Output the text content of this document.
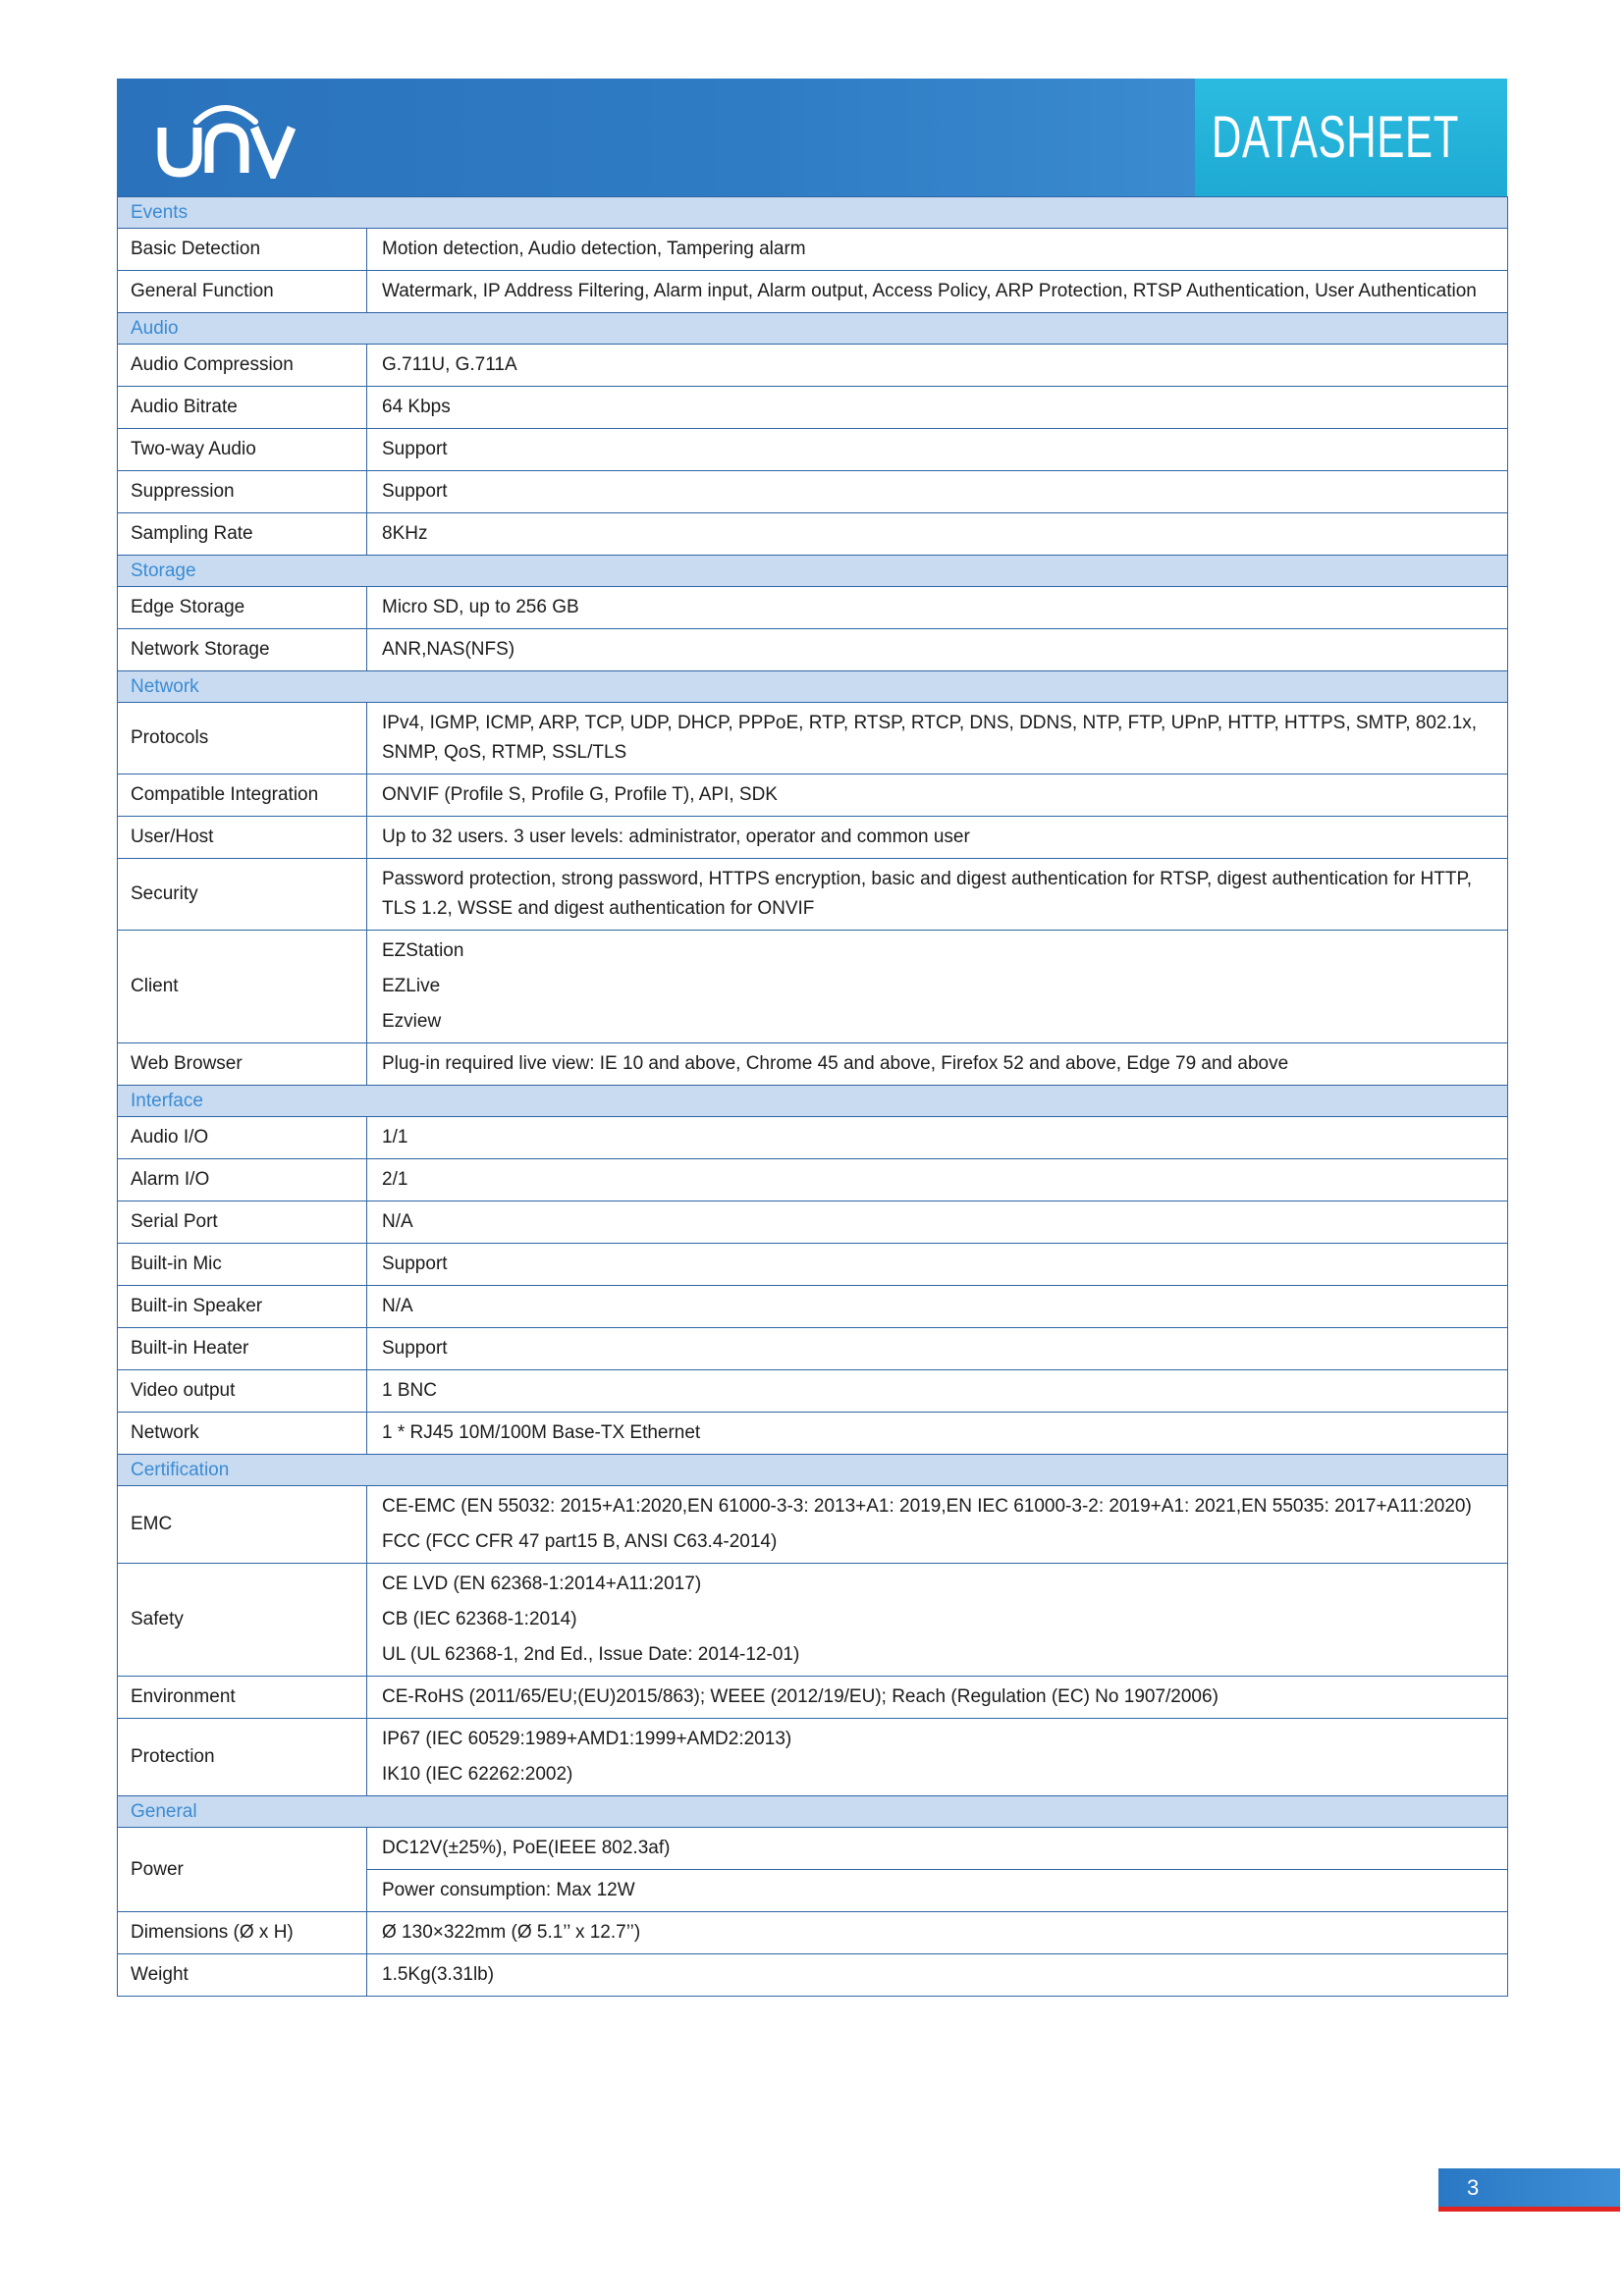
DATASHEET
Events	
Basic Detection	Motion detection, Audio detection, Tampering alarm
General Function	Watermark, IP Address Filtering, Alarm input, Alarm output, Access Policy, ARP Protection, RTSP Authentication, User Authentication
Audio	
Audio Compression	G.711U, G.711A
Audio Bitrate	64 Kbps
Two-way Audio	Support
Suppression	Support
Sampling Rate	8KHz
Storage	
Edge Storage	Micro SD, up to 256 GB
Network Storage	ANR,NAS(NFS)
Network	
Protocols	IPv4, IGMP, ICMP, ARP, TCP, UDP, DHCP, PPPoE, RTP, RTSP, RTCP, DNS, DDNS, NTP, FTP, UPnP, HTTP, HTTPS, SMTP, 802.1x, SNMP, QoS, RTMP, SSL/TLS
Compatible Integration	ONVIF (Profile S, Profile G, Profile T), API, SDK
User/Host	Up to 32 users. 3 user levels: administrator, operator and common user
Security	Password protection, strong password, HTTPS encryption, basic and digest authentication for RTSP, digest authentication for HTTP, TLS 1.2, WSSE and digest authentication for ONVIF
Client	EZStation

EZLive

Ezview

Web Browser	Plug-in required live view: IE 10 and above, Chrome 45 and above, Firefox 52 and above, Edge 79 and above
Interface	
Audio I/O	1/1
Alarm I/O	2/1
Serial Port	N/A
Built-in Mic	Support
Built-in Speaker	N/A
Built-in Heater	Support
Video output	1 BNC
Network	1 * RJ45 10M/100M Base-TX Ethernet
Certification	
EMC	CE-EMC (EN 55032: 2015+A1:2020,EN 61000-3-3: 2013+A1: 2019,EN IEC 61000-3-2: 2019+A1: 2021,EN 55035: 2017+A11:2020)

FCC (FCC CFR 47 part15 B, ANSI C63.4-2014)

Safety	CE LVD (EN 62368-1:2014+A11:2017)

CB (IEC 62368-1:2014)

UL (UL 62368-1, 2nd Ed., Issue Date: 2014-12-01)

Environment	CE-RoHS (2011/65/EU;(EU)2015/863); WEEE (2012/19/EU); Reach (Regulation (EC) No 1907/2006)
Protection	IP67 (IEC 60529:1989+AMD1:1999+AMD2:2013)

IK10 (IEC 62262:2002)

General	
Power	DC12V(±25%), PoE(IEEE 802.3af)
	Power consumption: Max 12W
Dimensions (Ø x H)	Ø 130×322mm (Ø 5.1’’ x 12.7’’)
Weight	1.5Kg(3.31lb)
3
